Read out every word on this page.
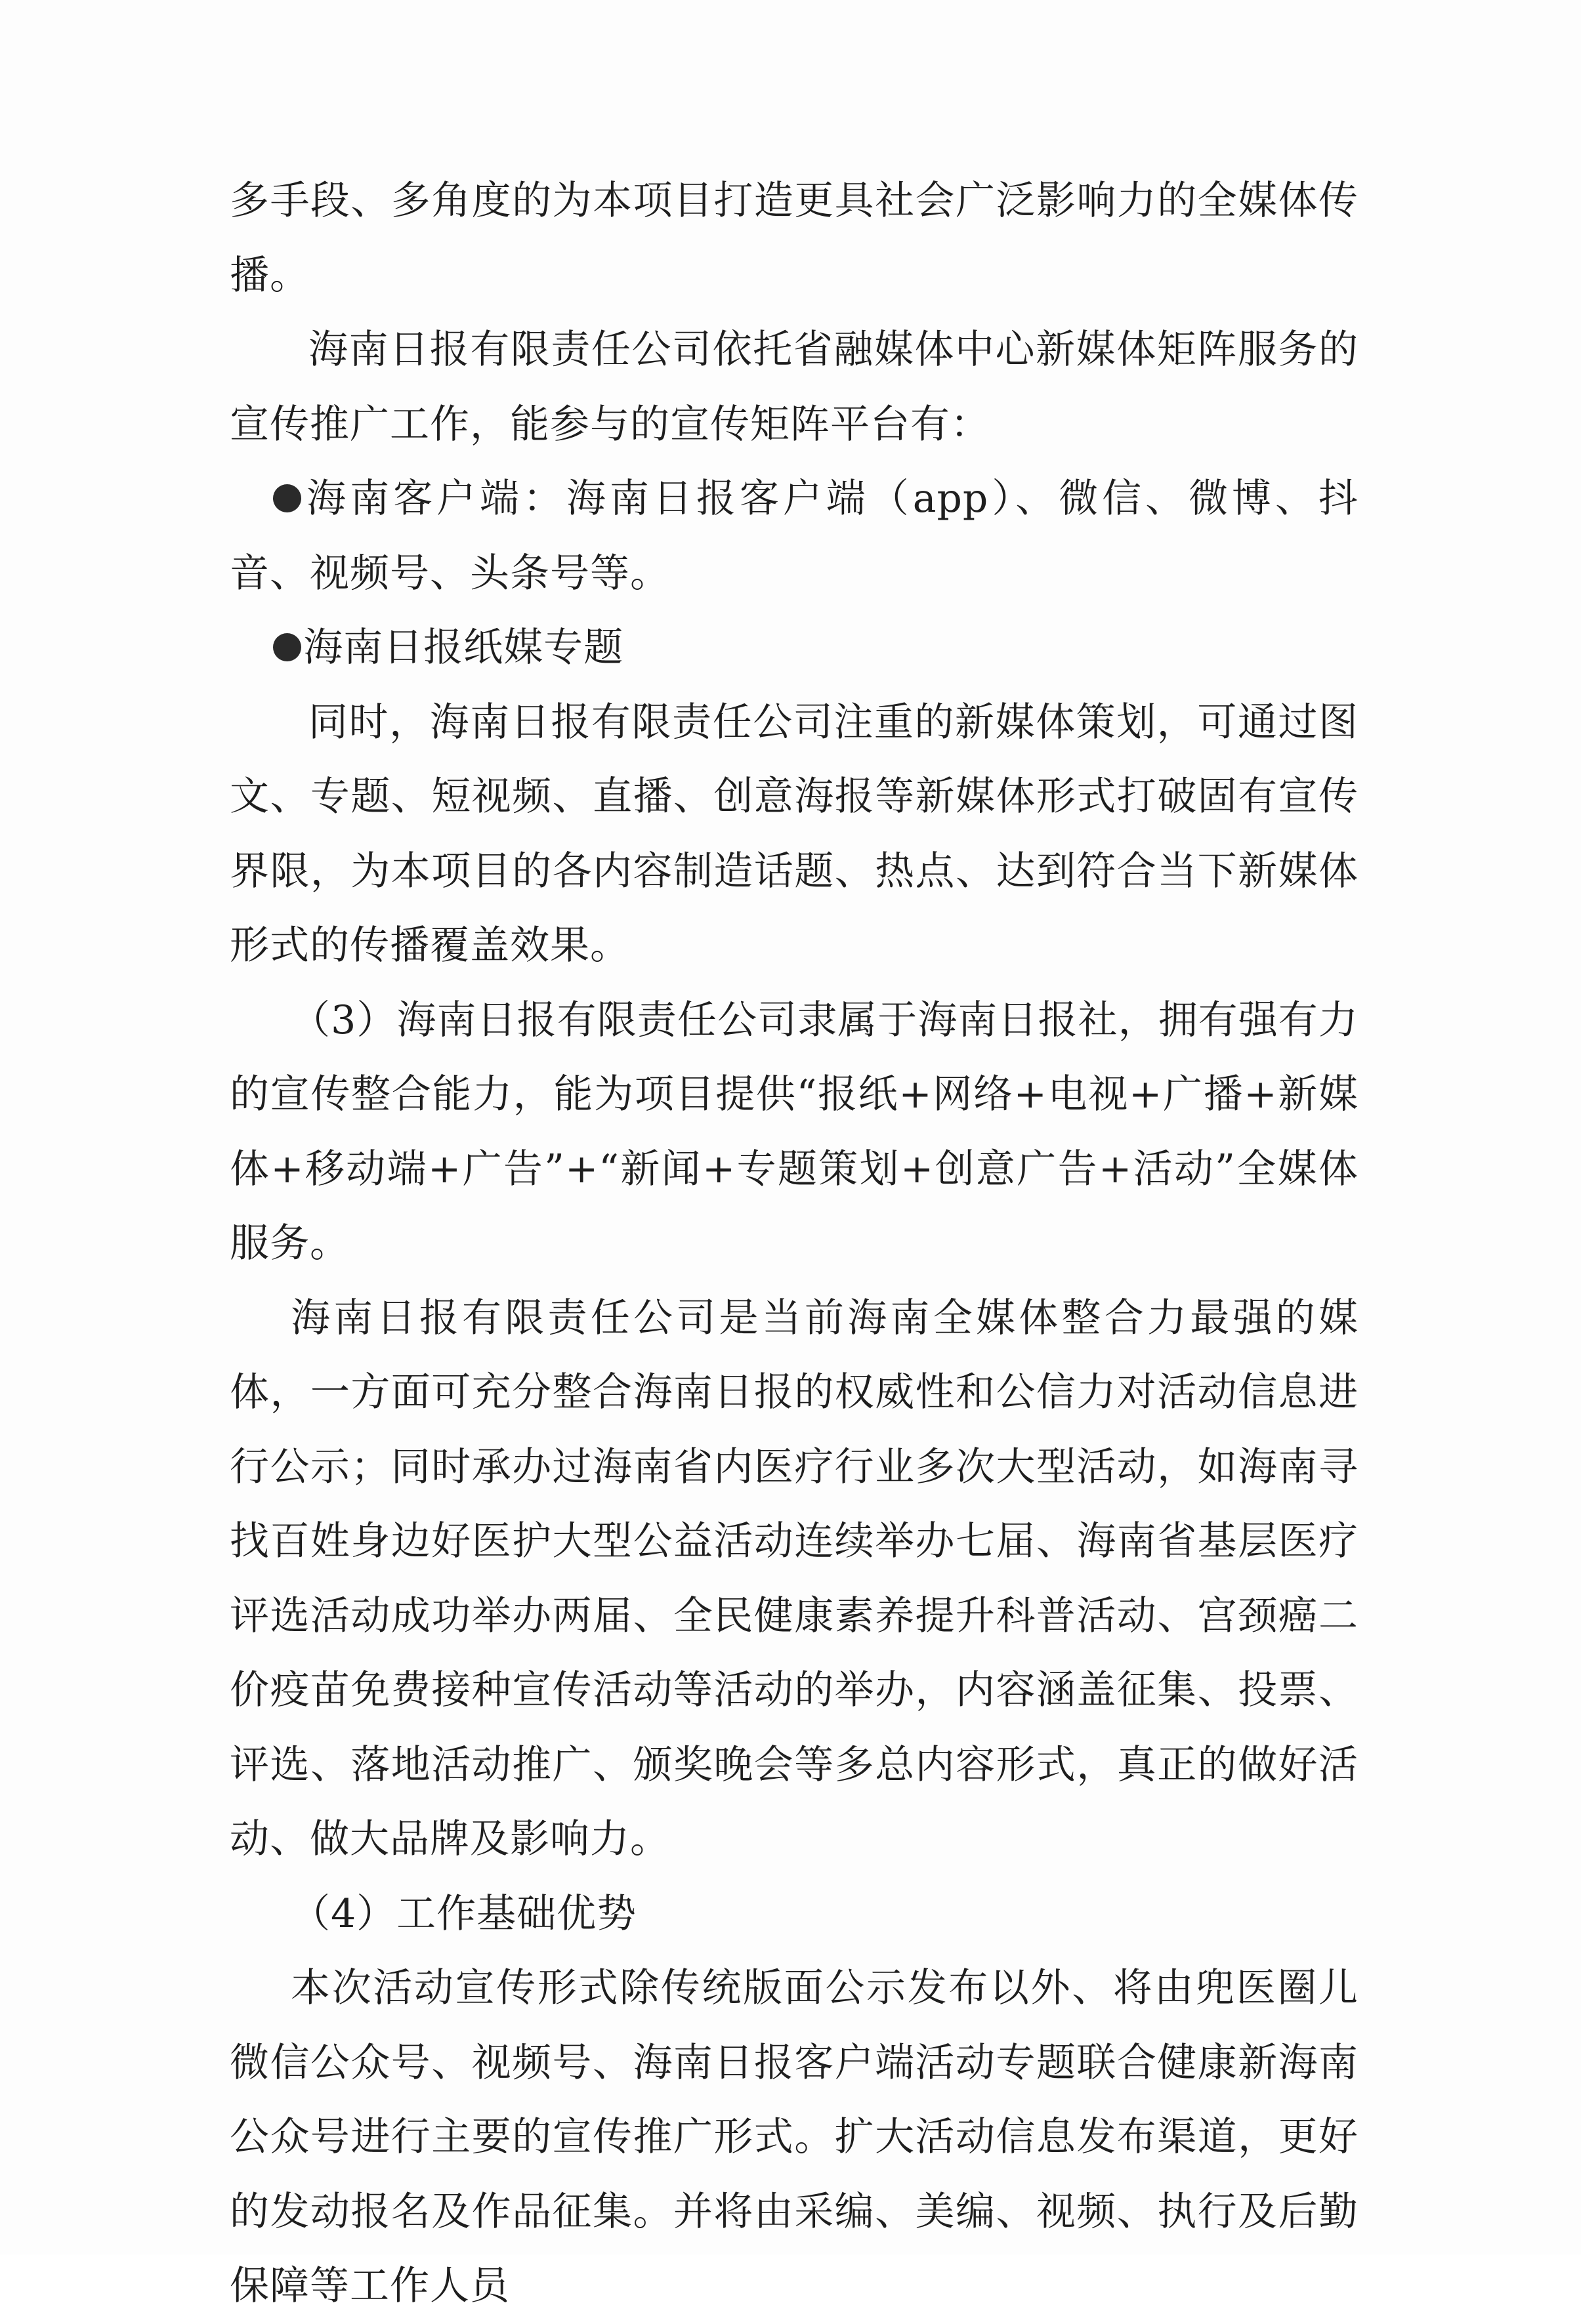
多手段、多角度的为本项目打造更具社会广泛影响力的全媒体传播。

海南日报有限责任公司依托省融媒体中心新媒体矩阵服务的宣传推广工作，能参与的宣传矩阵平台有：

海南客户端：海南日报客户端（app）、微信、微博、抖音、视频号、头条号等。

海南日报纸媒专题

同时，海南日报有限责任公司注重的新媒体策划，可通过图文、专题、短视频、直播、创意海报等新媒体形式打破固有宣传界限，为本项目的各内容制造话题、热点、达到符合当下新媒体形式的传播覆盖效果。

（3）海南日报有限责任公司隶属于海南日报社，拥有强有力的宣传整合能力，能为项目提供“报纸+网络+电视+广播+新媒体+移动端+广告”+“新闻+专题策划+创意广告+活动”全媒体服务。

海南日报有限责任公司是当前海南全媒体整合力最强的媒体，一方面可充分整合海南日报的权威性和公信力对活动信息进行公示；同时承办过海南省内医疗行业多次大型活动，如海南寻找百姓身边好医护大型公益活动连续举办七届、海南省基层医疗评选活动成功举办两届、全民健康素养提升科普活动、宫颈癌二价疫苗免费接种宣传活动等活动的举办，内容涵盖征集、投票、评选、落地活动推广、颁奖晚会等多总内容形式，真正的做好活动、做大品牌及影响力。

（4）工作基础优势

本次活动宣传形式除传统版面公示发布以外、将由兜医圈儿微信公众号、视频号、海南日报客户端活动专题联合健康新海南公众号进行主要的宣传推广形式。扩大活动信息发布渠道，更好的发动报名及作品征集。并将由采编、美编、视频、执行及后勤保障等工作人员
